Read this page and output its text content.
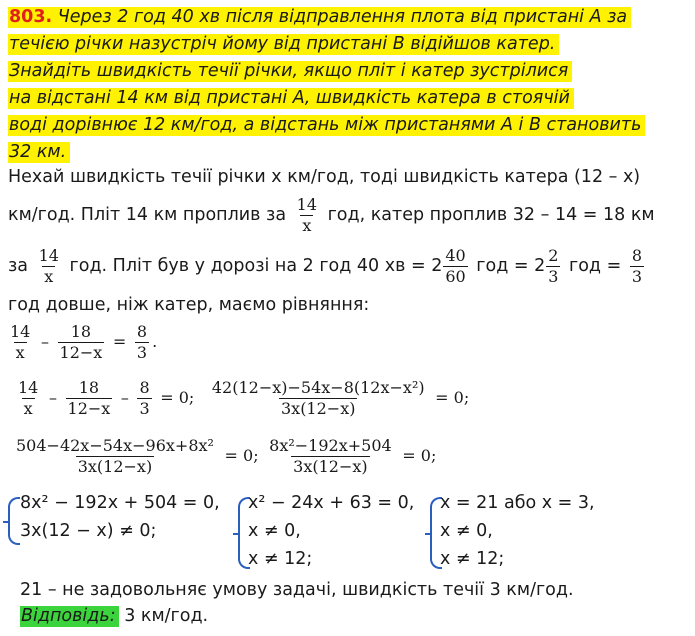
803. Через 2 год 40 хв після відправлення плота від пристані А за
течією річки назустріч йому від пристані В відійшов катер.
Знайдіть швидкість течії річки, якщо пліт і катер зустрілися
на відстані 14 км від пристані А, швидкість катера в стоячій
воді дорівнює 12 км/год, а відстань між пристанями А і В становить
32 км.
Нехай швидкість течії річки x км/год, тоді швидкість катера (12 – x)
км/год. Пліт 14 км проплив за $\frac{14}{x}$ год, катер проплив 32 – 14 = 18 км
за $\frac{14}{x}$ год. Пліт був у дорозі на 2 год 40 хв = $2 \frac{40}{60}$ год = $2 \frac{2}{3}$ год = $\frac{8}{3}$
год довше, ніж катер, маємо рівняння:
$\frac{14}{x} - \frac{18}{12-x} = \frac{8}{3}$ .
$\frac{14}{x} - \frac{18}{12-x} - \frac{8}{3} = 0$; $\frac{\text{42(12−x)−54x−8(12x−x²)}}{3x(12-x)} = 0$;
$\frac{\text{504−42x−54x−96x+8x²}}{3x(12-x)} = 0$; $\frac{\text{8x²−192x+504}}{3x(12-x)} = 0$;
8x² − 192x + 504 = 0,
3x(12 − x) ≠ 0;
x² − 24x + 63 = 0,
x ≠ 0,
x ≠ 12;
x = 21 або x = 3,
x ≠ 0,
x ≠ 12;
21 – не задовольняє умову задачі, швидкість течії 3 км/год.
Відповідь: 3 км/год.
